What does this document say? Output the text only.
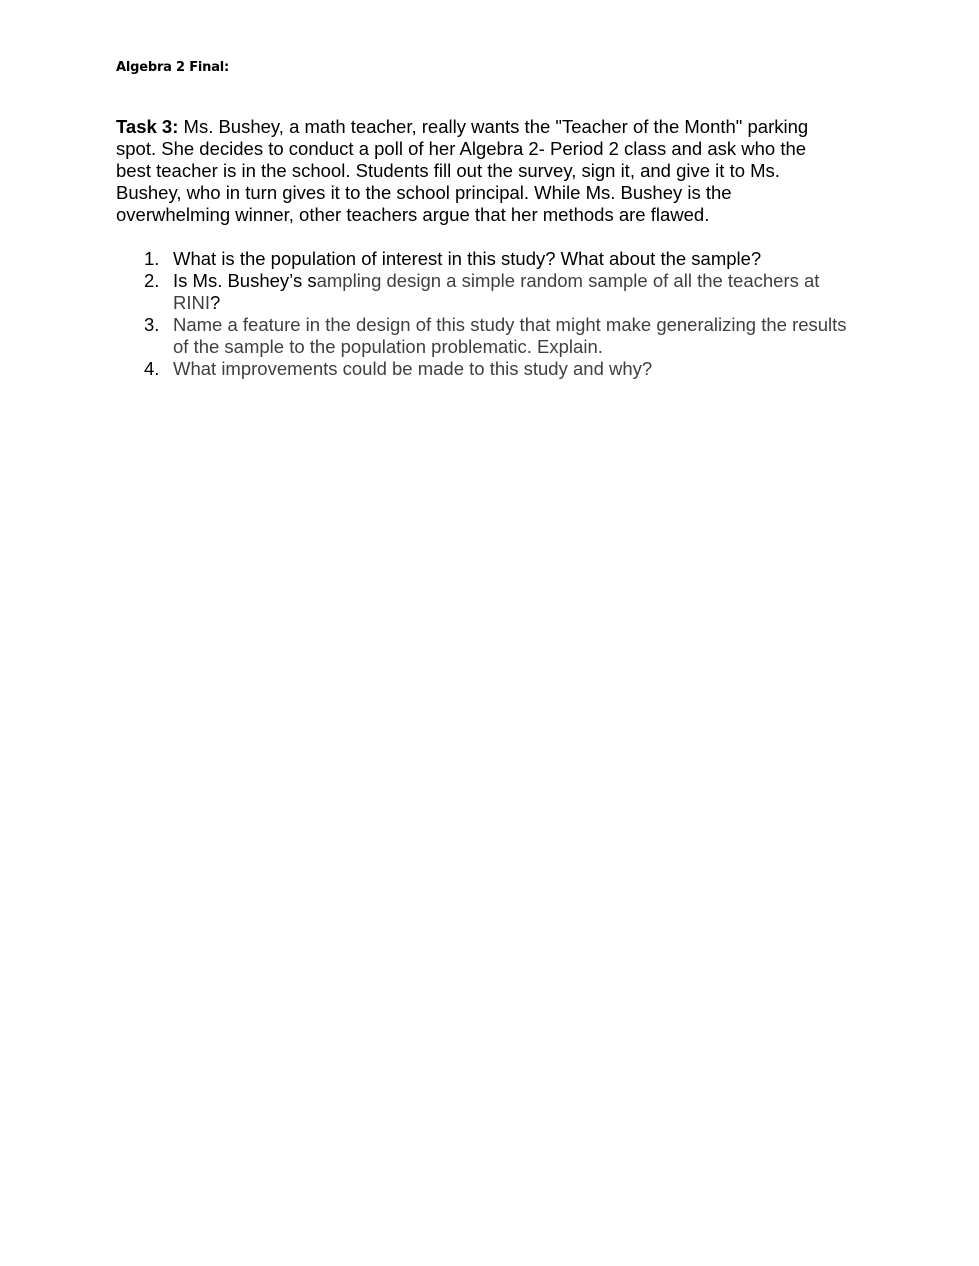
Algebra 2 Final:

Task 3: Ms. Bushey, a math teacher, really wants the "Teacher of the Month" parking spot. She decides to conduct a poll of her Algebra 2- Period 2 class and ask who the best teacher is in the school. Students fill out the survey, sign it, and give it to Ms. Bushey, who in turn gives it to the school principal. While Ms. Bushey is the overwhelming winner, other teachers argue that her methods are flawed.

1. What is the population of interest in this study? What about the sample?
2. Is Ms. Bushey’s sampling design a simple random sample of all the teachers at RINI?
3. Name a feature in the design of this study that might make generalizing the results of the sample to the population problematic. Explain.
4. What improvements could be made to this study and why?
